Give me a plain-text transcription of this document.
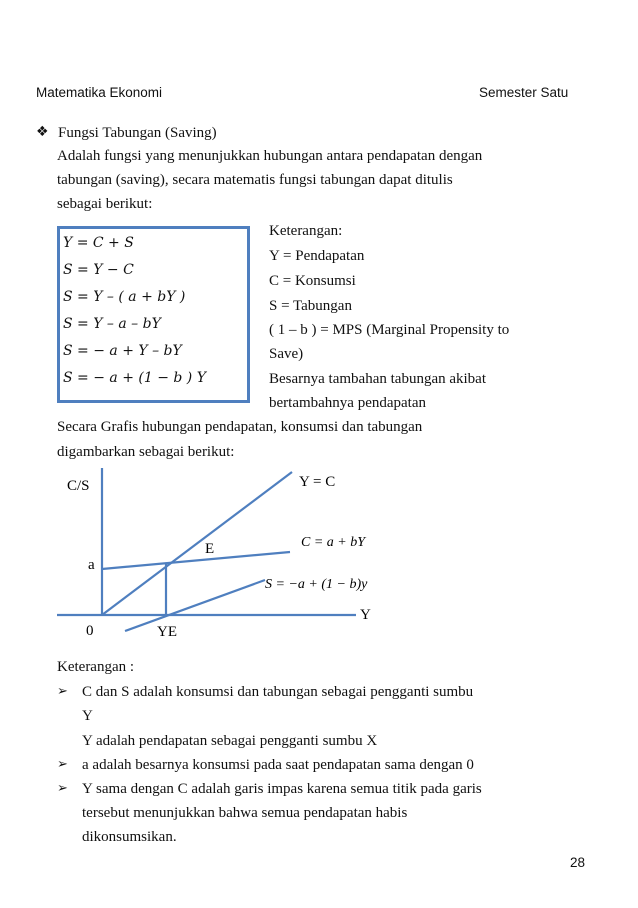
Matematika Ekonomi	Semester Satu
❖ Fungsi Tabungan (Saving)
Adalah fungsi yang menunjukkan hubungan antara pendapatan dengan
tabungan (saving), secara matematis fungsi tabungan dapat ditulis
sebagai berikut:
Y = C + S
S = Y − C
S = Y – ( a + bY )
S = Y – a – bY
S = − a + Y – bY
S = − a + (1 − b ) Y
Keterangan:
Y = Pendapatan
C = Konsumsi
S = Tabungan
( 1 – b ) = MPS (Marginal Propensity to
Save)
Besarnya tambahan tabungan akibat
bertambahnya pendapatan
Secara Grafis hubungan pendapatan, konsumsi dan tabungan
digambarkan sebagai berikut:
C/S	Y = C
E	C = a + bY
a
S = −a + (1 − b)y
Y
0	YE
Keterangan :
➢ C dan S adalah konsumsi dan tabungan sebagai pengganti sumbu
Y
Y adalah pendapatan sebagai pengganti sumbu X
➢ a adalah besarnya konsumsi pada saat pendapatan sama dengan 0
➢ Y sama dengan C adalah garis impas karena semua titik pada garis
tersebut menunjukkan bahwa semua pendapatan habis
dikonsumsikan.
28
